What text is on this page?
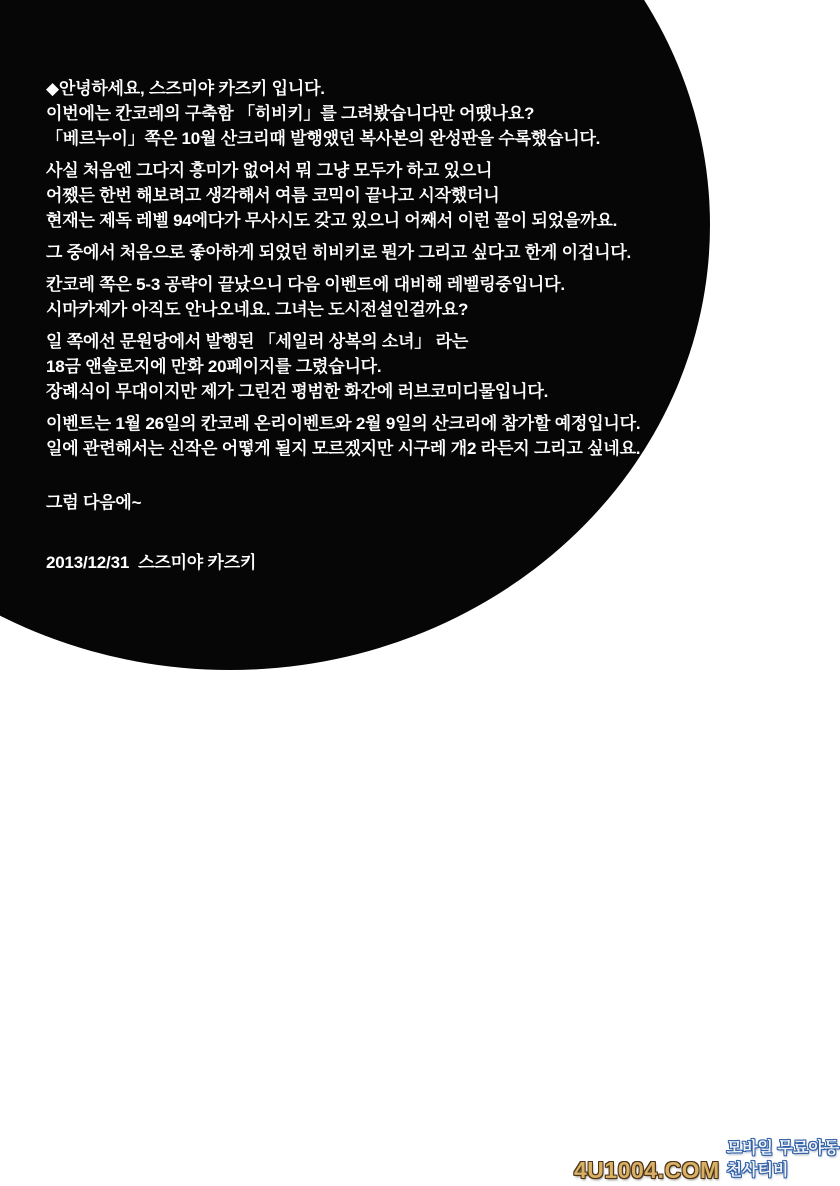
◆안녕하세요, 스즈미야 카즈키 입니다.
이번에는 칸코레의 구축함 「히비키」를 그려봤습니다만 어땠나요?
「베르누이」쪽은 10월 산크리때 발행앴던 복사본의 완성판을 수록했습니다.
사실 처음엔 그다지 흥미가 없어서 뭐 그냥 모두가 하고 있으니
어쨌든 한번 해보려고 생각해서 여름 코믹이 끝나고 시작했더니
현재는 제독 레벨 94에다가 무사시도 갖고 있으니 어째서 이런 꼴이 되었을까요.
그 중에서 처음으로 좋아하게 되었던 히비키로 뭔가 그리고 싶다고 한게 이겁니다.
칸코레 쪽은 5-3 공략이 끝났으니 다음 이벤트에 대비해 레벨링중입니다.
시마카제가 아직도 안나오네요. 그녀는 도시전설인걸까요?
일 쪽에선 문원당에서 발행된 「세일러 상복의 소녀」 라는
18금 앤솔로지에 만화 20페이지를 그렸습니다.
장례식이 무대이지만 제가 그린건 평범한 화간에 러브코미디물입니다.
이벤트는 1월 26일의 칸코레 온리이벤트와 2월 9일의 산크리에 참가할 예정입니다.
일에 관련해서는 신작은 어떻게 될지 모르겠지만 시구레 개2 라든지 그리고 싶네요.
그럼 다음에~
2013/12/31  스즈미야 카즈키
4U1004.COM
모바일 무료야동 천사티비
